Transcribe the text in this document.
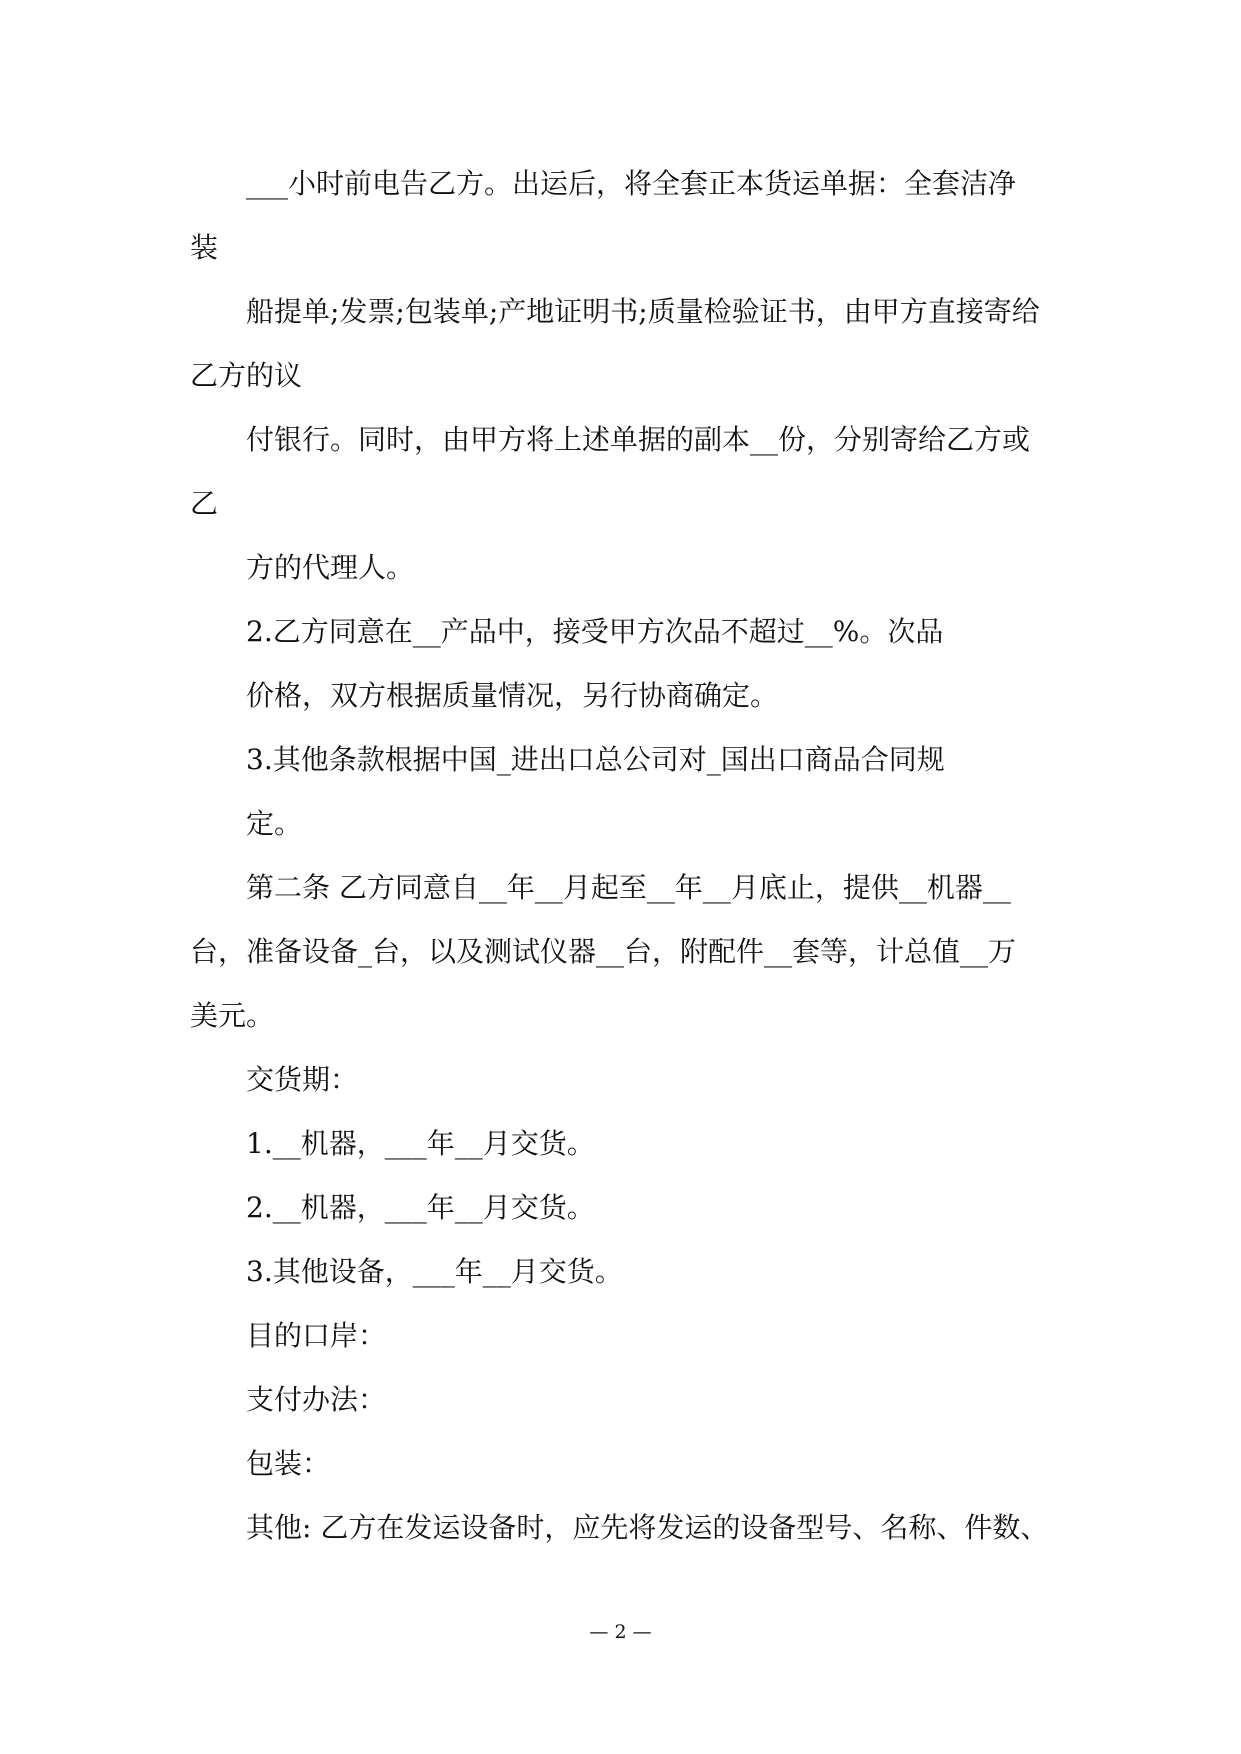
___小时前电告乙方。出运后，将全套正本货运单据：全套洁净
装
船提单;发票;包装单;产地证明书;质量检验证书，由甲方直接寄给
乙方的议
付银行。同时，由甲方将上述单据的副本__份，分别寄给乙方或
乙
方的代理人。
2.乙方同意在__产品中，接受甲方次品不超过__%。次品
价格，双方根据质量情况，另行协商确定。
3.其他条款根据中国_进出口总公司对_国出口商品合同规
定。
第二条 乙方同意自__年__月起至__年__月底止，提供__机器__
台，准备设备_台，以及测试仪器__台，附配件__套等，计总值__万
美元。
交货期：
1.__机器，___年__月交货。
2.__机器，___年__月交货。
3.其他设备，___年__月交货。
目的口岸：
支付办法：
包装：
其他: 乙方在发运设备时，应先将发运的设备型号、名称、件数、
— 2 —
